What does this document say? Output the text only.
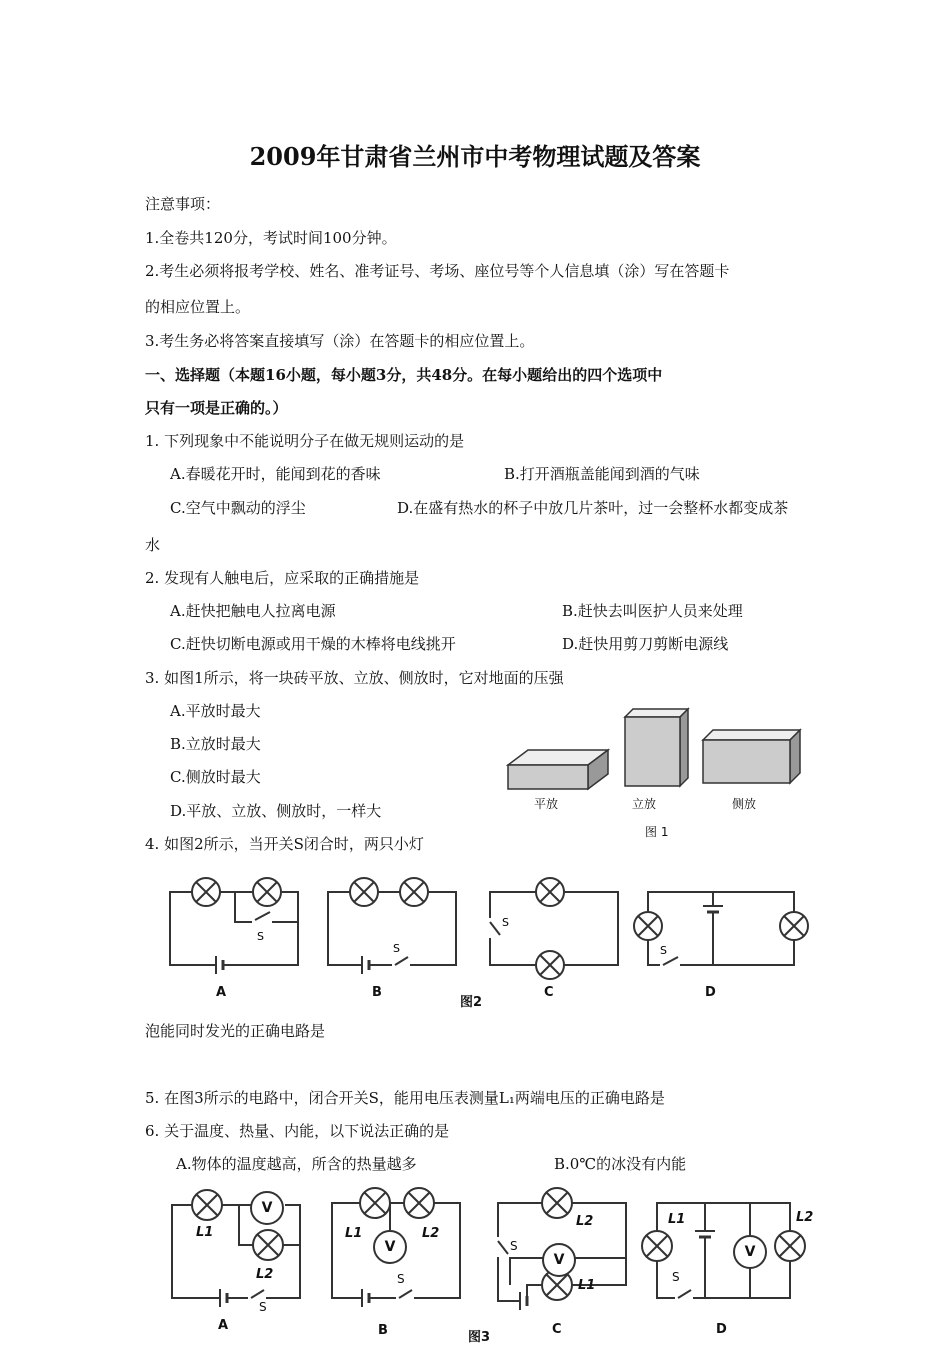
2009年甘肃省兰州市中考物理试题及答案
注意事项：
1.全卷共120分，考试时间100分钟。
2.考生必须将报考学校、姓名、准考证号、考场、座位号等个人信息填（涂）写在答题卡
的相应位置上。
3.考生务必将答案直接填写（涂）在答题卡的相应位置上。
一、选择题（本题16小题，每小题3分，共48分。在每小题给出的四个选项中
只有一项是正确的。）
1. 下列现象中不能说明分子在做无规则运动的是
A.春暖花开时，能闻到花的香味	B.打开酒瓶盖能闻到酒的气味
C.空气中飘动的浮尘	D.在盛有热水的杯子中放几片茶叶，过一会整杯水都变成茶
水
2. 发现有人触电后，应采取的正确措施是
A.赶快把触电人拉离电源	B.赶快去叫医护人员来处理
C.赶快切断电源或用干燥的木棒将电线挑开	D.赶快用剪刀剪断电源线
3. 如图1所示，将一块砖平放、立放、侧放时，它对地面的压强
A.平放时最大
B.立放时最大
C.侧放时最大
D.平放、立放、侧放时，一样大	平放	立放	侧放
图 1
4. 如图2所示，当开关S闭合时，两只小灯
S
S
S
S
A	B	C	D
图2
泡能同时发光的正确电路是
5. 在图3所示的电路中，闭合开关S，能用电压表测量L₁两端电压的正确电路是
6. 关于温度、热量、内能，以下说法正确的是
A.物体的温度越高，所含的热量越多	B.0℃的冰没有内能
V
V
V	V
L1
L2
S
L1	L2
S
L2
L1
S
L1	L2
S
A	B	C	D
图3
